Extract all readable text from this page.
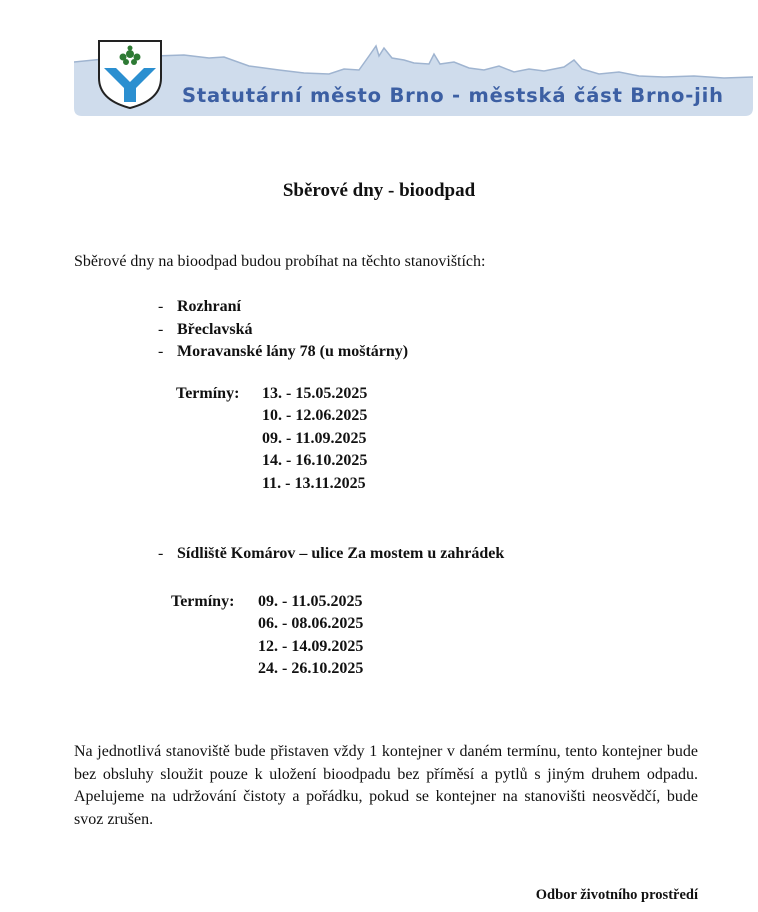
Statutární město Brno - městská část Brno-jih
Sběrové dny - bioodpad
Sběrové dny na bioodpad budou probíhat na těchto stanovištích:
- Rozhraní
- Břeclavská
- Moravanské lány 78 (u moštárny)
Termíny: 13. - 15.05.2025
10. - 12.06.2025
09. - 11.09.2025
14. - 16.10.2025
11. - 13.11.2025
- Sídliště Komárov – ulice Za mostem u zahrádek
Termíny: 09. - 11.05.2025
06. - 08.06.2025
12. - 14.09.2025
24. - 26.10.2025
Na jednotlivá stanoviště bude přistaven vždy 1 kontejner v daném termínu, tento kontejner bude bez obsluhy sloužit pouze k uložení bioodpadu bez příměsí a pytlů s jiným druhem odpadu. Apelujeme na udržování čistoty a pořádku, pokud se kontejner na stanovišti neosvědčí, bude svoz zrušen.
Odbor životního prostředí
